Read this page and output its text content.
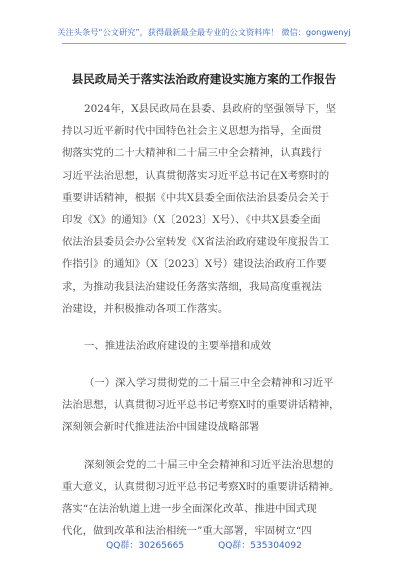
关注头条号“公文研究”，获得最新最全最专业的公文资料库！ 微信：gongwenyj
县民政局关于落实法治政府建设实施方案的工作报告
2024年，X县民政局在县委、县政府的坚强领导下，坚
持以习近平新时代中国特色社会主义思想为指导，全面贯
彻落实党的二十大精神和二十届三中全会精神，认真践行
习近平法治思想，认真贯彻落实习近平总书记在X考察时的
重要讲话精神，根据《中共X县委全面依法治县委员会关于
印发《X》的通知》（X〔2023〕X号）、《中共X县委全面
依法治县委员会办公室转发《X省法治政府建设年度报告工
作指引》的通知》（X〔2023〕X号）建设法治政府工作要
求，为推动我县法治建设任务落实落细，我局高度重视法
治建设，并积极推动各项工作落实。
一、推进法治政府建设的主要举措和成效
（一）深入学习贯彻党的二十届三中全会精神和习近平
法治思想，认真贯彻习近平总书记考察X时的重要讲话精神，
深刻领会新时代推进法治中国建设战略部署
深刻领会党的二十届三中全会精神和习近平法治思想的
重大意义，认真贯彻习近平总书记考察X时的重要讲话精神。
落实“在法治轨道上进一步全面深化改革、推进中国式现
代化，做到改革和法治相统一”重大部署，牢固树立“四
QQ群：30265665	QQ群：535304092
